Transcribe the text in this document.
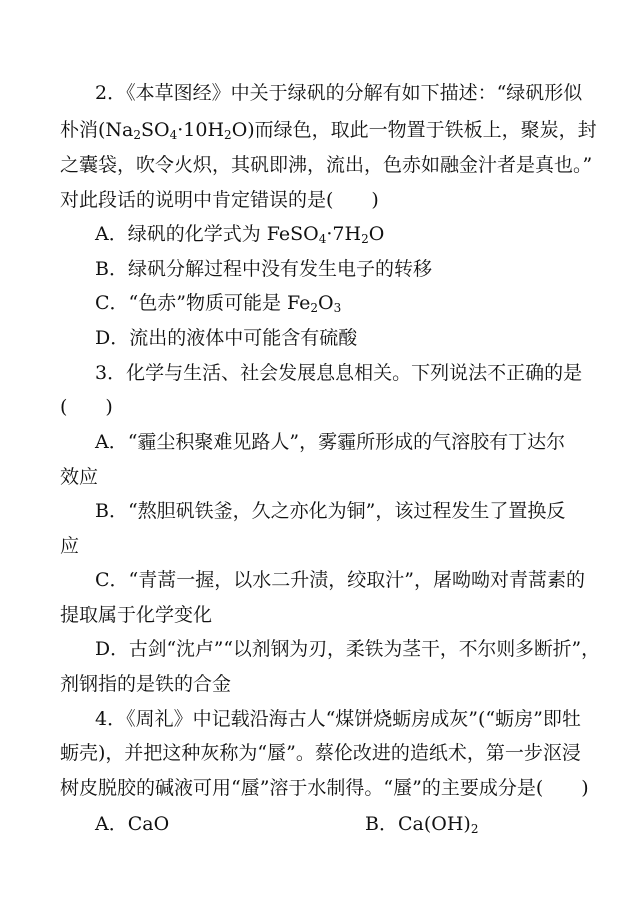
2．《本草图经》中关于绿矾的分解有如下描述：“绿矾形似
朴消$(Na_2SO_4\cdot 10H_2O)$而绿色，取此一物置于铁板上，聚炭，封
之囊袋，吹令火炽，其矾即沸，流出，色赤如融金汁者是真也。”
对此段话的说明中肯定错误的是(　　)
A．绿矾的化学式为 $FeSO_4\cdot 7H_2O$
B．绿矾分解过程中没有发生电子的转移
C．“色赤”物质可能是 $Fe_2O_3$
D．流出的液体中可能含有硫酸
3．化学与生活、社会发展息息相关。下列说法不正确的是
(　　)
A．“霾尘积聚难见路人”，雾霾所形成的气溶胶有丁达尔
效应
B．“熬胆矾铁釜，久之亦化为铜”，该过程发生了置换反
应
C．“青蒿一握，以水二升渍，绞取汁”，屠呦呦对青蒿素的
提取属于化学变化
D．古剑“沈卢”“以剂钢为刃，柔铁为茎干，不尔则多断折”，
剂钢指的是铁的合金
4．《周礼》中记载沿海古人“煤饼烧蛎房成灰”(“蛎房”即牡
蛎壳)，并把这种灰称为“蜃”。蔡伦改进的造纸术，第一步沤浸
树皮脱胶的碱液可用“蜃”溶于水制得。“蜃”的主要成分是(　　)
A．CaO	B．$Ca(OH)_2$
